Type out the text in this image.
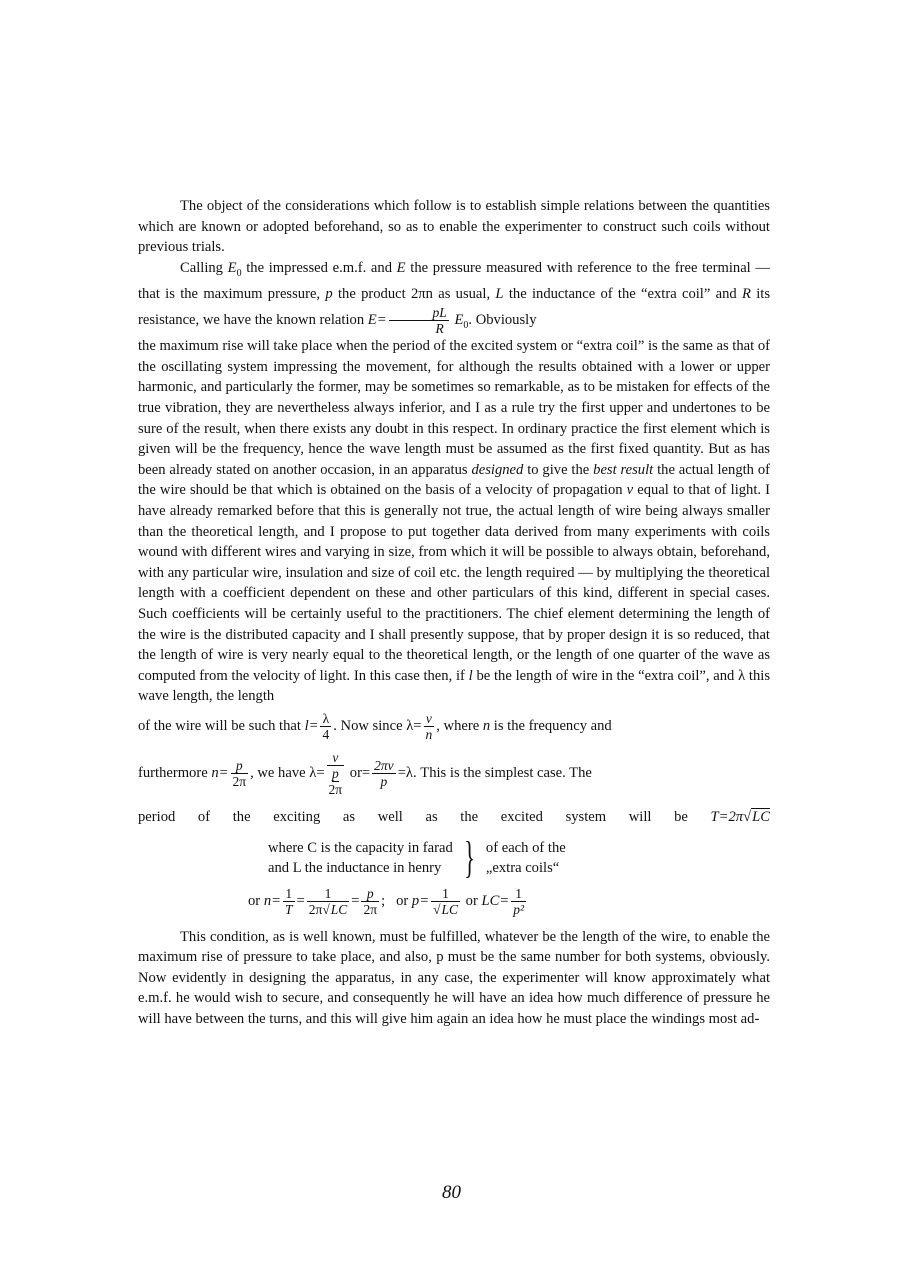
The object of the considerations which follow is to establish simple relations between the quantities which are known or adopted beforehand, so as to enable the experimenter to construct such coils without previous trials.

Calling $E_0$ the impressed e.m.f. and E the pressure measured with reference to the free terminal — that is the maximum pressure, p the product 2πn as usual, L the inductance of the “extra coil” and R its resistance, we have the known relation $E= \frac{pL}{R} E_0$. Obviously

the maximum rise will take place when the period of the excited system or “extra coil” is the same as that of the oscillating system impressing the movement, for although the results obtained with a lower or upper harmonic, and particularly the former, may be sometimes so remarkable, as to be mistaken for effects of the true vibration, they are nevertheless always inferior, and I as a rule try the first upper and undertones to be sure of the result, when there exists any doubt in this respect. In ordinary practice the first element which is given will be the frequency, hence the wave length must be assumed as the first fixed quantity. But as has been already stated on another occasion, in an apparatus designed to give the best result the actual length of the wire should be that which is obtained on the basis of a velocity of propagation v equal to that of light. I have already remarked before that this is generally not true, the actual length of wire being always smaller than the theoretical length, and I propose to put together data derived from many experiments with coils wound with different wires and varying in size, from which it will be possible to always obtain, beforehand, with any particular wire, insulation and size of coil etc. the length required — by multiplying the theoretical length with a coefficient dependent on these and other particulars of this kind, different in special cases. Such coefficients will be certainly useful to the practitioners. The chief element determining the length of the wire is the distributed capacity and I shall presently suppose, that by proper design it is so reduced, that the length of wire is very nearly equal to the theoretical length, or the length of one quarter of the wave as computed from the velocity of light. In this case then, if l be the length of wire in the “extra coil”, and λ this wave length, the length

of the wire will be such that $l= \frac{\lambda}{4}$ . Now since $\lambda= \frac{v}{n}$ , where n is the frequency and

furthermore $n= \frac{p}{2\pi}$ , we have λ=
v
p
2π
$or= \frac{2\pi v}{p} =\lambda$. This is the simplest case. The

period of the exciting as well as the excited system will be T=2π√LC

where C is the capacity in farad
and L the inductance in henry } of each of the
„extra coils“

or $n= \frac{1}{T} = \frac{1}{2\pi√LC} = \frac{p}{2\pi}$ ; or $p= \frac{1}{√LC}$ or $LC= \frac{1}{\text{p²}}$

This condition, as is well known, must be fulfilled, whatever be the length of the wire, to enable the maximum rise of pressure to take place, and also, p must be the same number for both systems, obviously. Now evidently in designing the apparatus, in any case, the experimenter will know approximately what e.m.f. he would wish to secure, and consequently he will have an idea how much difference of pressure he will have between the turns, and this will give him again an idea how he must place the windings most ad-

80
